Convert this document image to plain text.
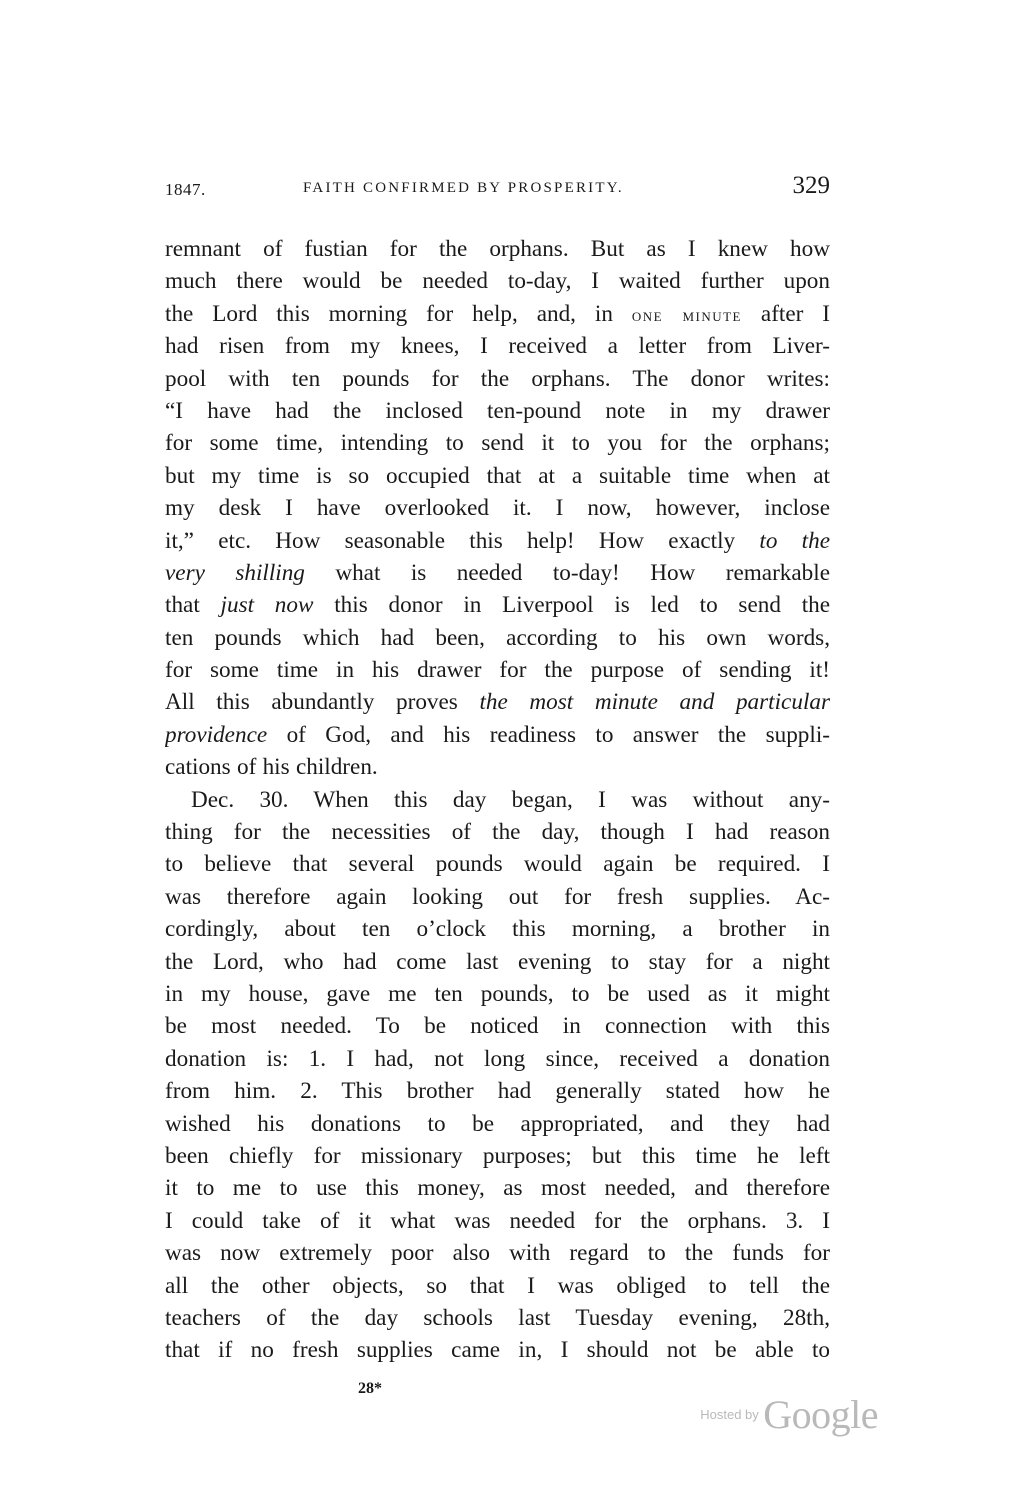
1847.	FAITH CONFIRMED BY PROSPERITY.	329
remnant of fustian for the orphans. But as I knew how
much there would be needed to-day, I waited further upon
the Lord this morning for help, and, in one minute after I
had risen from my knees, I received a letter from Liver-
pool with ten pounds for the orphans. The donor writes:
“I have had the inclosed ten-pound note in my drawer
for some time, intending to send it to you for the orphans;
but my time is so occupied that at a suitable time when at
my desk I have overlooked it. I now, however, inclose
it,” etc. How seasonable this help! How exactly to the
very shilling what is needed to-day! How remarkable
that just now this donor in Liverpool is led to send the
ten pounds which had been, according to his own words,
for some time in his drawer for the purpose of sending it!
All this abundantly proves the most minute and particular
providence of God, and his readiness to answer the suppli-
cations of his children.
Dec. 30. When this day began, I was without any-
thing for the necessities of the day, though I had reason
to believe that several pounds would again be required. I
was therefore again looking out for fresh supplies. Ac-
cordingly, about ten o’clock this morning, a brother in
the Lord, who had come last evening to stay for a night
in my house, gave me ten pounds, to be used as it might
be most needed. To be noticed in connection with this
donation is: 1. I had, not long since, received a donation
from him. 2. This brother had generally stated how he
wished his donations to be appropriated, and they had
been chiefly for missionary purposes; but this time he left
it to me to use this money, as most needed, and therefore
I could take of it what was needed for the orphans. 3. I
was now extremely poor also with regard to the funds for
all the other objects, so that I was obliged to tell the
teachers of the day schools last Tuesday evening, 28th,
that if no fresh supplies came in, I should not be able to
28*
Hosted by Google
